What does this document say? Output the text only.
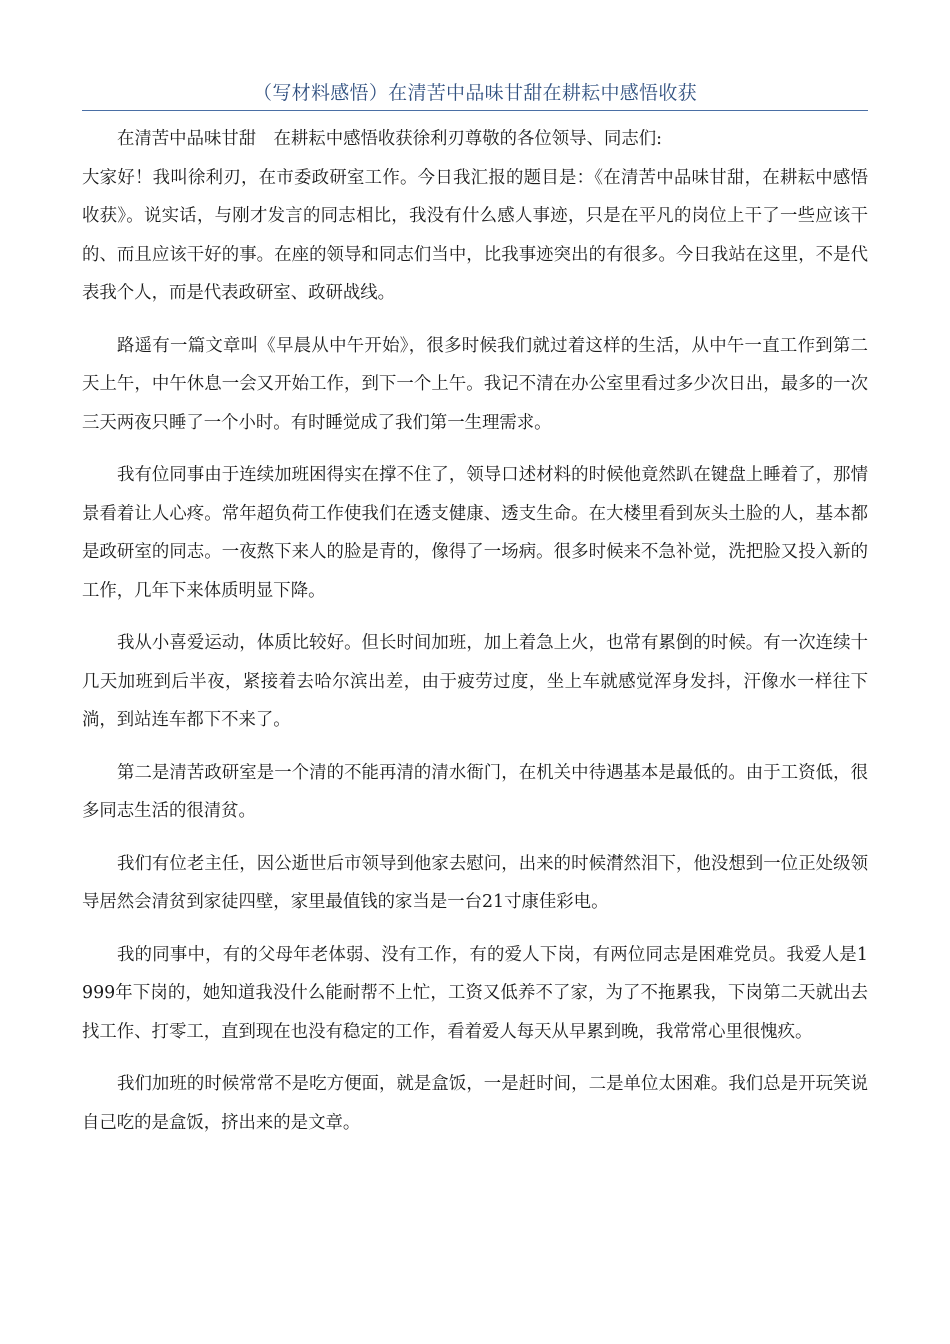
（写材料感悟）在清苦中品味甘甜在耕耘中感悟收获

在清苦中品味甘甜　在耕耘中感悟收获徐利刃尊敬的各位领导、同志们:

大家好！我叫徐利刃，在市委政研室工作。今日我汇报的题目是：《在清苦中品味甘甜，在耕耘中感悟收获》。说实话，与刚才发言的同志相比，我没有什么感人事迹，只是在平凡的岗位上干了一些应该干的、而且应该干好的事。在座的领导和同志们当中，比我事迹突出的有很多。今日我站在这里，不是代表我个人，而是代表政研室、政研战线。

路遥有一篇文章叫《早晨从中午开始》，很多时候我们就过着这样的生活，从中午一直工作到第二天上午，中午休息一会又开始工作，到下一个上午。我记不清在办公室里看过多少次日出，最多的一次三天两夜只睡了一个小时。有时睡觉成了我们第一生理需求。

我有位同事由于连续加班困得实在撑不住了，领导口述材料的时候他竟然趴在键盘上睡着了，那情景看着让人心疼。常年超负荷工作使我们在透支健康、透支生命。在大楼里看到灰头土脸的人，基本都是政研室的同志。一夜熬下来人的脸是青的，像得了一场病。很多时候来不急补觉，洗把脸又投入新的工作，几年下来体质明显下降。

我从小喜爱运动，体质比较好。但长时间加班，加上着急上火，也常有累倒的时候。有一次连续十几天加班到后半夜，紧接着去哈尔滨出差，由于疲劳过度，坐上车就感觉浑身发抖，汗像水一样往下淌，到站连车都下不来了。

第二是清苦政研室是一个清的不能再清的清水衙门，在机关中待遇基本是最低的。由于工资低，很多同志生活的很清贫。

我们有位老主任，因公逝世后市领导到他家去慰问，出来的时候潸然泪下，他没想到一位正处级领导居然会清贫到家徒四壁，家里最值钱的家当是一台21寸康佳彩电。

我的同事中，有的父母年老体弱、没有工作，有的爱人下岗，有两位同志是困难党员。我爱人是1999年下岗的，她知道我没什么能耐帮不上忙，工资又低养不了家，为了不拖累我，下岗第二天就出去找工作、打零工，直到现在也没有稳定的工作，看着爱人每天从早累到晚，我常常心里很愧疚。

我们加班的时候常常不是吃方便面，就是盒饭，一是赶时间，二是单位太困难。我们总是开玩笑说自己吃的是盒饭，挤出来的是文章。
